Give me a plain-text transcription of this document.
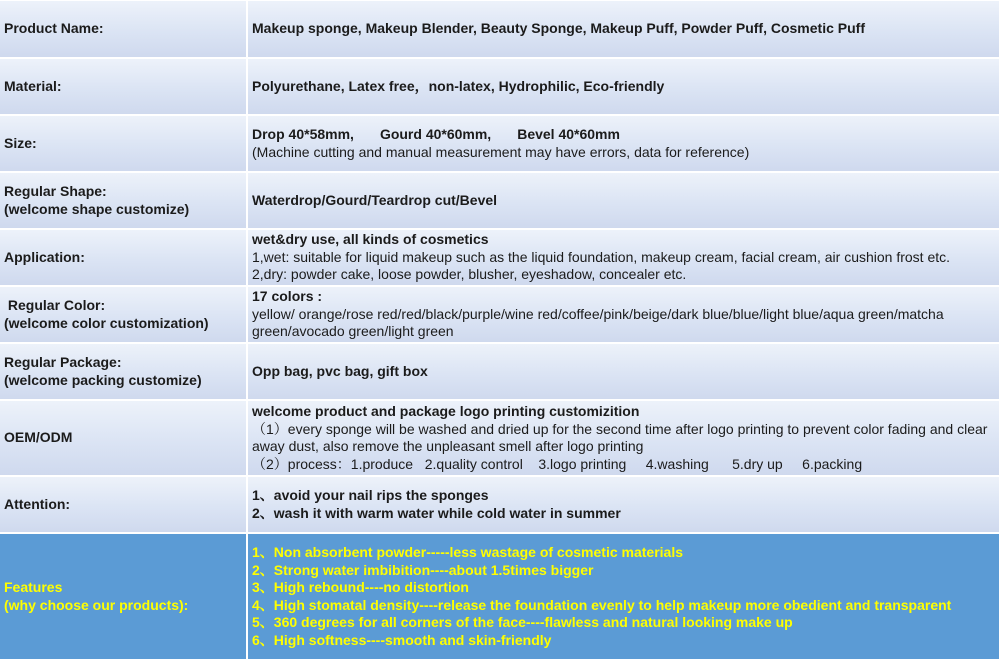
Product Name:	Makeup sponge, Makeup Blender, Beauty Sponge, Makeup Puff, Powder Puff, Cosmetic Puff
Material:	Polyurethane, Latex free，non-latex, Hydrophilic, Eco-friendly
Size:
Drop 40*58mm, Gourd 40*60mm, Bevel 40*60mm
(Machine cutting and manual measurement may have errors, data for reference)
Regular Shape:
(welcome shape customize)
Waterdrop/Gourd/Teardrop cut/Bevel
Application:
wet&dry use, all kinds of cosmetics
1,wet: suitable for liquid makeup such as the liquid foundation, makeup cream, facial cream, air cushion frost etc.
2,dry: powder cake, loose powder, blusher, eyeshadow, concealer etc.
Regular Color:
(welcome color customization)
17 colors :
yellow/ orange/rose red/red/black/purple/wine red/coffee/pink/beige/dark blue/blue/light blue/aqua green/matcha green/avocado green/light green
Regular Package:
(welcome packing customize)
Opp bag, pvc bag, gift box
OEM/ODM
welcome product and package logo printing customizition
（1）every sponge will be washed and dried up for the second time after logo printing to prevent color fading and clear away dust, also remove the unpleasant smell after logo printing
（2）process：1.produce   2.quality control    3.logo printing     4.washing      5.dry up     6.packing
Attention:
1、avoid your nail rips the sponges
2、wash it with warm water while cold water in summer
Features
(why choose our products):
1、Non absorbent powder-----less wastage of cosmetic materials
2、Strong water imbibition----about 1.5times bigger
3、High rebound----no distortion
4、High stomatal density----release the foundation evenly to help makeup more obedient and transparent
5、360 degrees for all corners of the face----flawless and natural looking make up
6、High softness----smooth and skin-friendly
